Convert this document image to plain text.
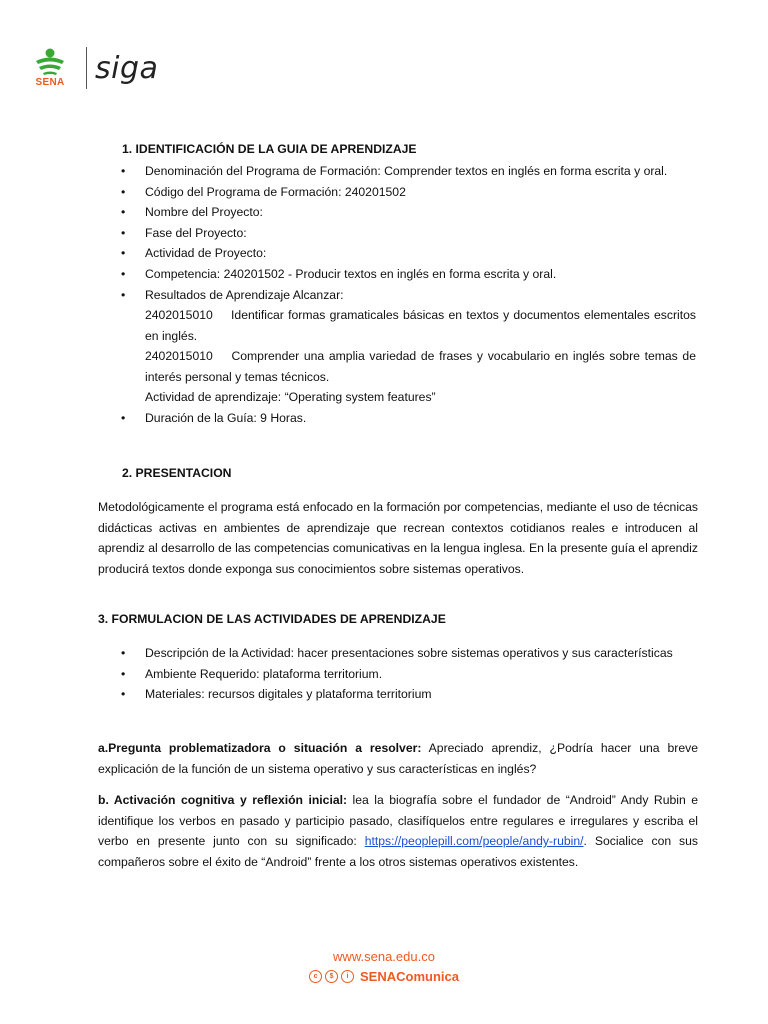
SENA siga

1. IDENTIFICACIÓN DE LA GUIA DE APRENDIZAJE

• Denominación del Programa de Formación: Comprender textos en inglés en forma escrita y oral.
• Código del Programa de Formación: 240201502
• Nombre del Proyecto:
• Fase del Proyecto:
• Actividad de Proyecto:
• Competencia: 240201502 - Producir textos en inglés en forma escrita y oral.
• Resultados de Aprendizaje Alcanzar:
2402015010 Identificar formas gramaticales básicas en textos y documentos elementales escritos en inglés.
2402015010 Comprender una amplia variedad de frases y vocabulario en inglés sobre temas de interés personal y temas técnicos.
Actividad de aprendizaje: “Operating system features”
• Duración de la Guía: 9 Horas.

2. PRESENTACION

Metodológicamente el programa está enfocado en la formación por competencias, mediante el uso de técnicas didácticas activas en ambientes de aprendizaje que recrean contextos cotidianos reales e introducen al aprendiz al desarrollo de las competencias comunicativas en la lengua inglesa. En la presente guía el aprendiz producirá textos donde exponga sus conocimientos sobre sistemas operativos.

3. FORMULACION DE LAS ACTIVIDADES DE APRENDIZAJE

• Descripción de la Actividad: hacer presentaciones sobre sistemas operativos y sus características
• Ambiente Requerido: plataforma territorium.
• Materiales: recursos digitales y plataforma territorium

a.Pregunta problematizadora o situación a resolver: Apreciado aprendiz, ¿Podría hacer una breve explicación de la función de un sistema operativo y sus características en inglés?

b. Activación cognitiva y reflexión inicial: lea la biografía sobre el fundador de “Android” Andy Rubin e identifique los verbos en pasado y participio pasado, clasifíquelos entre regulares e irregulares y escriba el verbo en presente junto con su significado: https://peoplepill.com/people/andy-rubin/. Socialice con sus compañeros sobre el éxito de “Android” frente a los otros sistemas operativos existentes.

www.sena.edu.co
c	$	i SENAComunica
